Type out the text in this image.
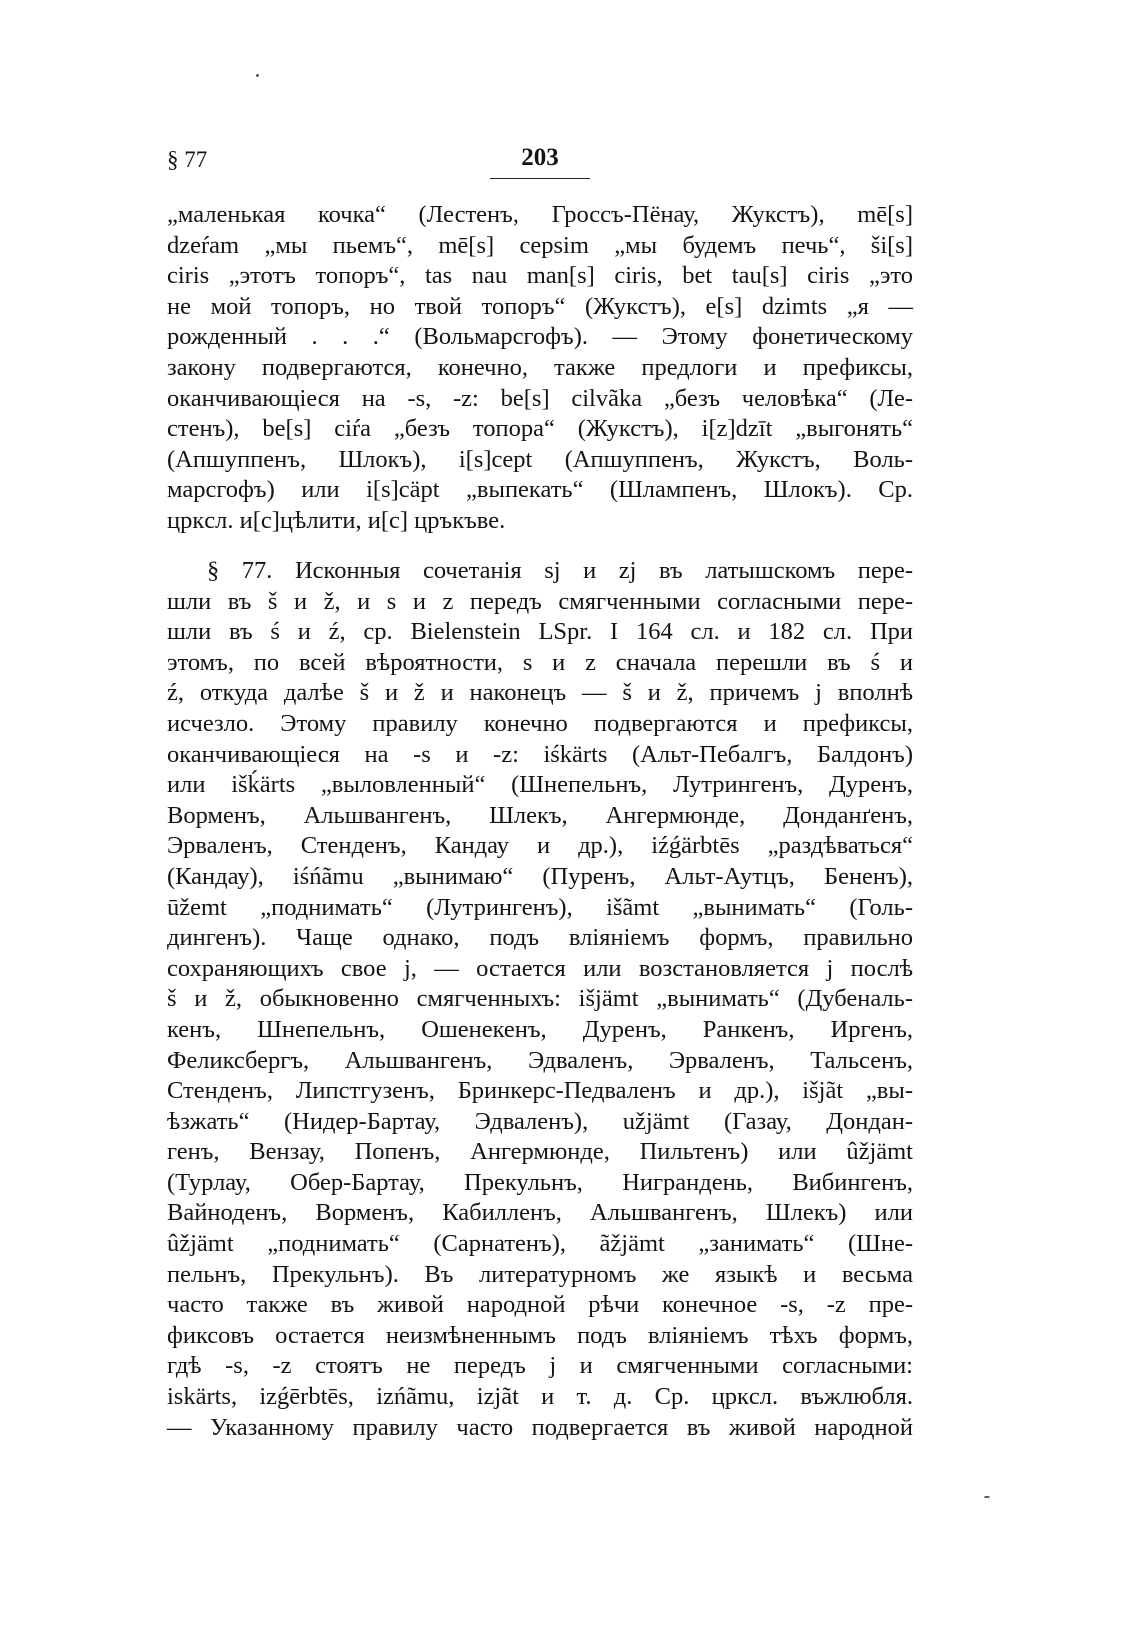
§ 77	203

„маленькая кочка“ (Лестенъ, Гроссъ-Пёнау, Жукстъ), mē[s]
dzeŕam „мы пьемъ“, mē[s] cepsim „мы будемъ печь“, ši[s]
ciris „этотъ топоръ“, tas nau man[s] ciris, bet tau[s] ciris „это
не мой топоръ, но твой топоръ“ (Жукстъ), e[s] dzimts „я —
рожденный . . .“ (Вольмарсгофъ). — Этому фонетическому
закону подвергаются, конечно, также предлоги и префиксы,
оканчивающіеся на -s, -z: be[s] cilvãka „безъ человѣка“ (Ле-
стенъ), be[s] ciŕa „безъ топора“ (Жукстъ), i[z]dzīt „выгонять“
(Апшуппенъ, Шлокъ), i[s]cept (Апшуппенъ, Жукстъ, Воль-
марсгофъ) или i[s]cäpt „выпекать“ (Шлампенъ, Шлокъ). Ср.
цркcл. и[с]цѣлити, и[с] цръкъве.

§ 77. Исконныя сочетанія sj и zj въ латышскомъ пере-
шли въ š и ž, и s и z передъ смягченными согласными пере-
шли въ ś и ź, ср. Bielenstein LSpr. I 164 сл. и 182 сл. При
этомъ, по всей вѣроятности, s и z сначала перешли въ ś и
ź, откуда далѣе š и ž и наконецъ — š и ž, причемъ j вполнѣ
исчезло. Этому правилу конечно подвергаются и префиксы,
оканчивающіеся на -s и -z: iśkärts (Альт-Пебалгъ, Балдонъ)
или išḱärts „выловленный“ (Шнепельнъ, Лутрингенъ, Дуренъ,
Ворменъ, Альшвангенъ, Шлекъ, Ангермюнде, Донданґенъ,
Эрваленъ, Стенденъ, Кандау и др.), iźǵärbtēs „раздѣваться“
(Кандау), iśńãmu „вынимаю“ (Пуренъ, Альт-Аутцъ, Бененъ),
ūžemt „поднимать“ (Лутрингенъ), išãmt „вынимать“ (Голь-
дингенъ). Чаще однако, подъ вліяніемъ формъ, правильно
сохраняющихъ свое j, — остается или возстановляется j послѣ
š и ž, обыкновенно смягченныхъ: išjämt „вынимать“ (Дубеналь-
кенъ, Шнепельнъ, Ошенекенъ, Дуренъ, Ранкенъ, Иргенъ,
Феликсбергъ, Альшвангенъ, Эдваленъ, Эрваленъ, Тальсенъ,
Стенденъ, Липстгузенъ, Бринкерс-Педваленъ и др.), išjãt „вы-
ѣзжать“ (Нидер-Бартау, Эдваленъ), užjämt (Газау, Дондан-
генъ, Вензау, Попенъ, Ангермюнде, Пильтенъ) или ûžjämt
(Турлау, Обер-Бартау, Прекульнъ, Ниграндень, Вибингенъ,
Вайноденъ, Ворменъ, Кабилленъ, Альшвангенъ, Шлекъ) или
ûžjämt „поднимать“ (Сарнатенъ), ãžjämt „занимать“ (Шне-
пельнъ, Прекульнъ). Въ литературномъ же языкѣ и весьма
часто также въ живой народной рѣчи конечное -s, -z пре-
фиксовъ остается неизмѣненнымъ подъ вліяніемъ тѣхъ формъ,
гдѣ -s, -z стоятъ не передъ j и смягченными согласными:
iskärts, izǵērbtēs, izńãmu, izjãt и т. д. Ср. цркcл. въжлюбля.
— Указанному правилу часто подвергается въ живой народной
